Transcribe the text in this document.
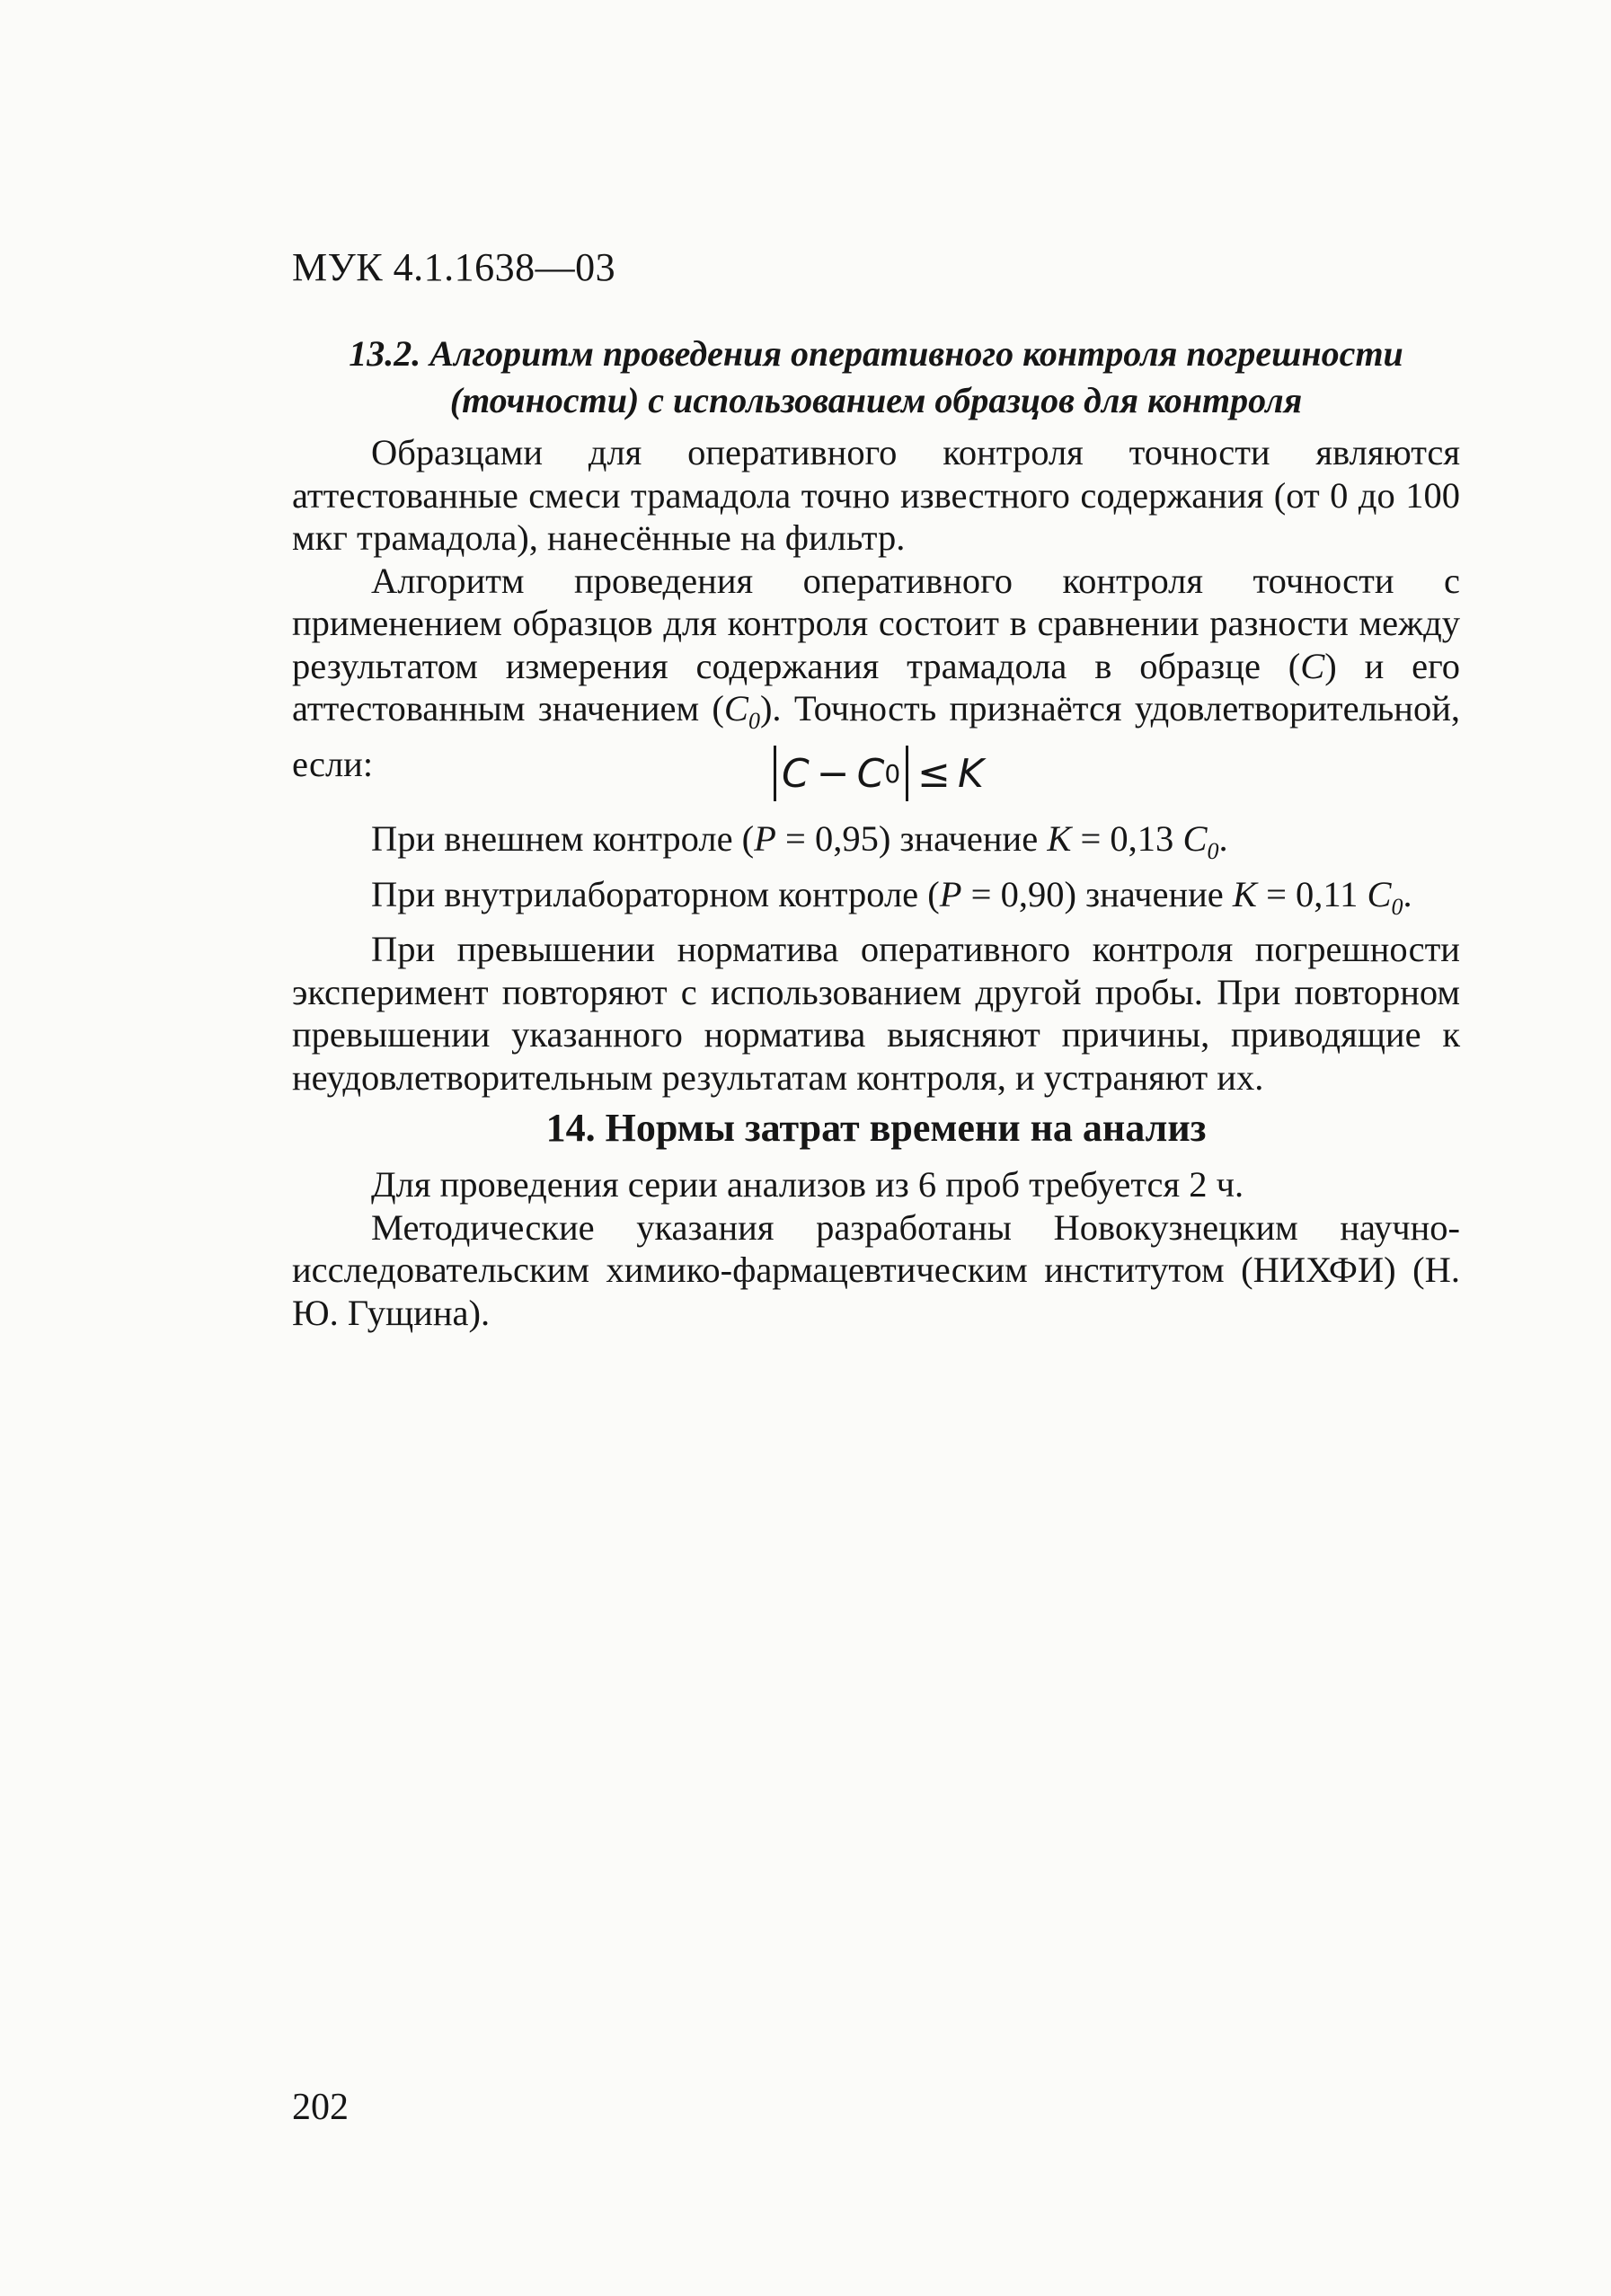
МУК 4.1.1638—03
13.2. Алгоритм проведения оперативного контроля погрешности
(точности) с использованием образцов для контроля

Образцами для оперативного контроля точности являются аттестованные смеси трамадола точно известного содержания (от 0 до 100 мкг трамадола), нанесённые на фильтр.

Алгоритм проведения оперативного контроля точности с применением образцов для контроля состоит в сравнении разности между результатом измерения содержания трамадола в образце (C) и его аттестованным значением $(C_0)$. Точность признаётся удовлетворительной, если:	C − C 0 ≤ K

При внешнем контроле (P = 0,95) значение K = 0,13 $C_0$.

При внутрилабораторном контроле (P = 0,90) значение K = 0,11 $C_0$.

При превышении норматива оперативного контроля погрешности эксперимент повторяют с использованием другой пробы. При повторном превышении указанного норматива выясняют причины, приводящие к неудовлетворительным результатам контроля, и устраняют их.

14. Нормы затрат времени на анализ

Для проведения серии анализов из 6 проб требуется 2 ч.

Методические указания разработаны Новокузнецким научно-исследовательским химико-фармацевтическим институтом (НИХФИ) (Н. Ю. Гущина).

202
